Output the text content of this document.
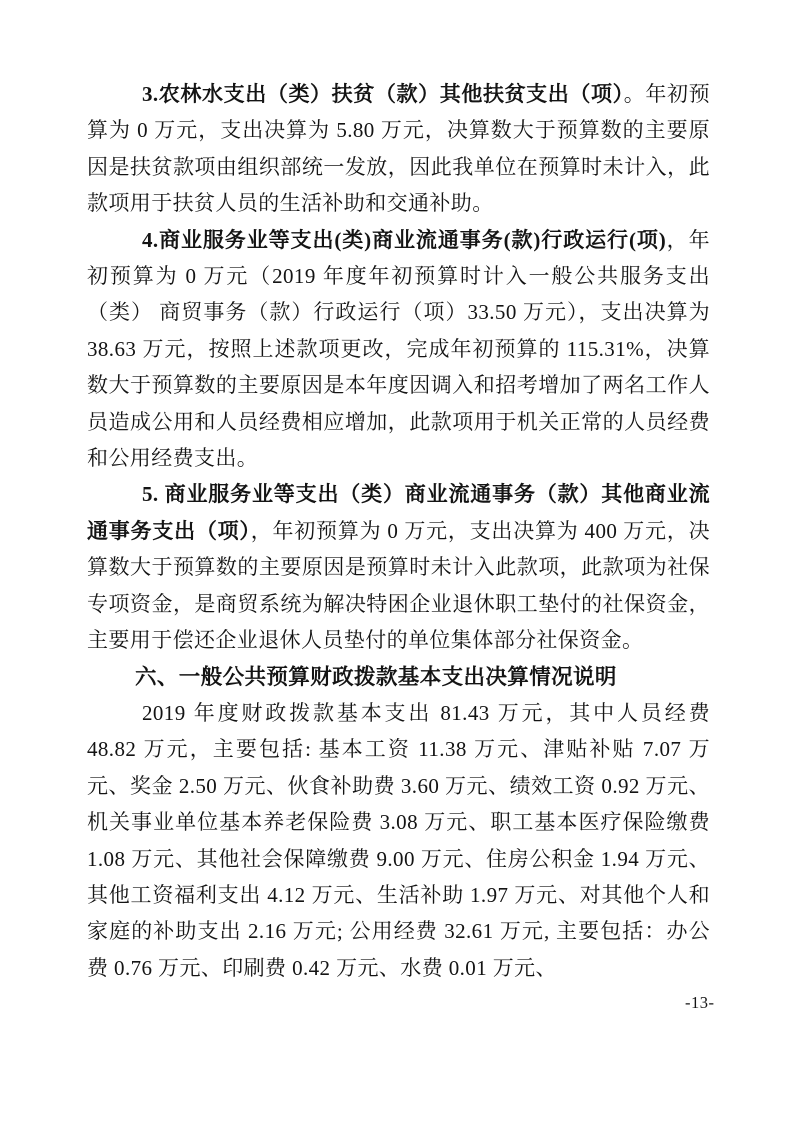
3.农林水支出（类）扶贫（款）其他扶贫支出（项）。年初预算为 0 万元，支出决算为 5.80 万元，决算数大于预算数的主要原因是扶贫款项由组织部统一发放，因此我单位在预算时未计入，此款项用于扶贫人员的生活补助和交通补助。

4.商业服务业等支出(类)商业流通事务(款)行政运行(项)，年初预算为 0 万元（2019 年度年初预算时计入一般公共服务支出（类） 商贸事务（款）行政运行（项）33.50 万元），支出决算为 38.63 万元，按照上述款项更改，完成年初预算的 115.31%，决算数大于预算数的主要原因是本年度因调入和招考增加了两名工作人员造成公用和人员经费相应增加，此款项用于机关正常的人员经费和公用经费支出。

5. 商业服务业等支出（类）商业流通事务（款）其他商业流通事务支出（项），年初预算为 0 万元，支出决算为 400 万元，决算数大于预算数的主要原因是预算时未计入此款项，此款项为社保专项资金，是商贸系统为解决特困企业退休职工垫付的社保资金，主要用于偿还企业退休人员垫付的单位集体部分社保资金。

六、一般公共预算财政拨款基本支出决算情况说明

2019 年度财政拨款基本支出 81.43 万元，其中人员经费 48.82 万元，主要包括: 基本工资 11.38 万元、津贴补贴 7.07 万元、奖金 2.50 万元、伙食补助费 3.60 万元、绩效工资 0.92 万元、机关事业单位基本养老保险费 3.08 万元、职工基本医疗保险缴费 1.08 万元、其他社会保障缴费 9.00 万元、住房公积金 1.94 万元、其他工资福利支出 4.12 万元、生活补助 1.97 万元、对其他个人和家庭的补助支出 2.16 万元; 公用经费 32.61 万元, 主要包括：办公费 0.76 万元、印刷费 0.42 万元、水费 0.01 万元、

-13-
